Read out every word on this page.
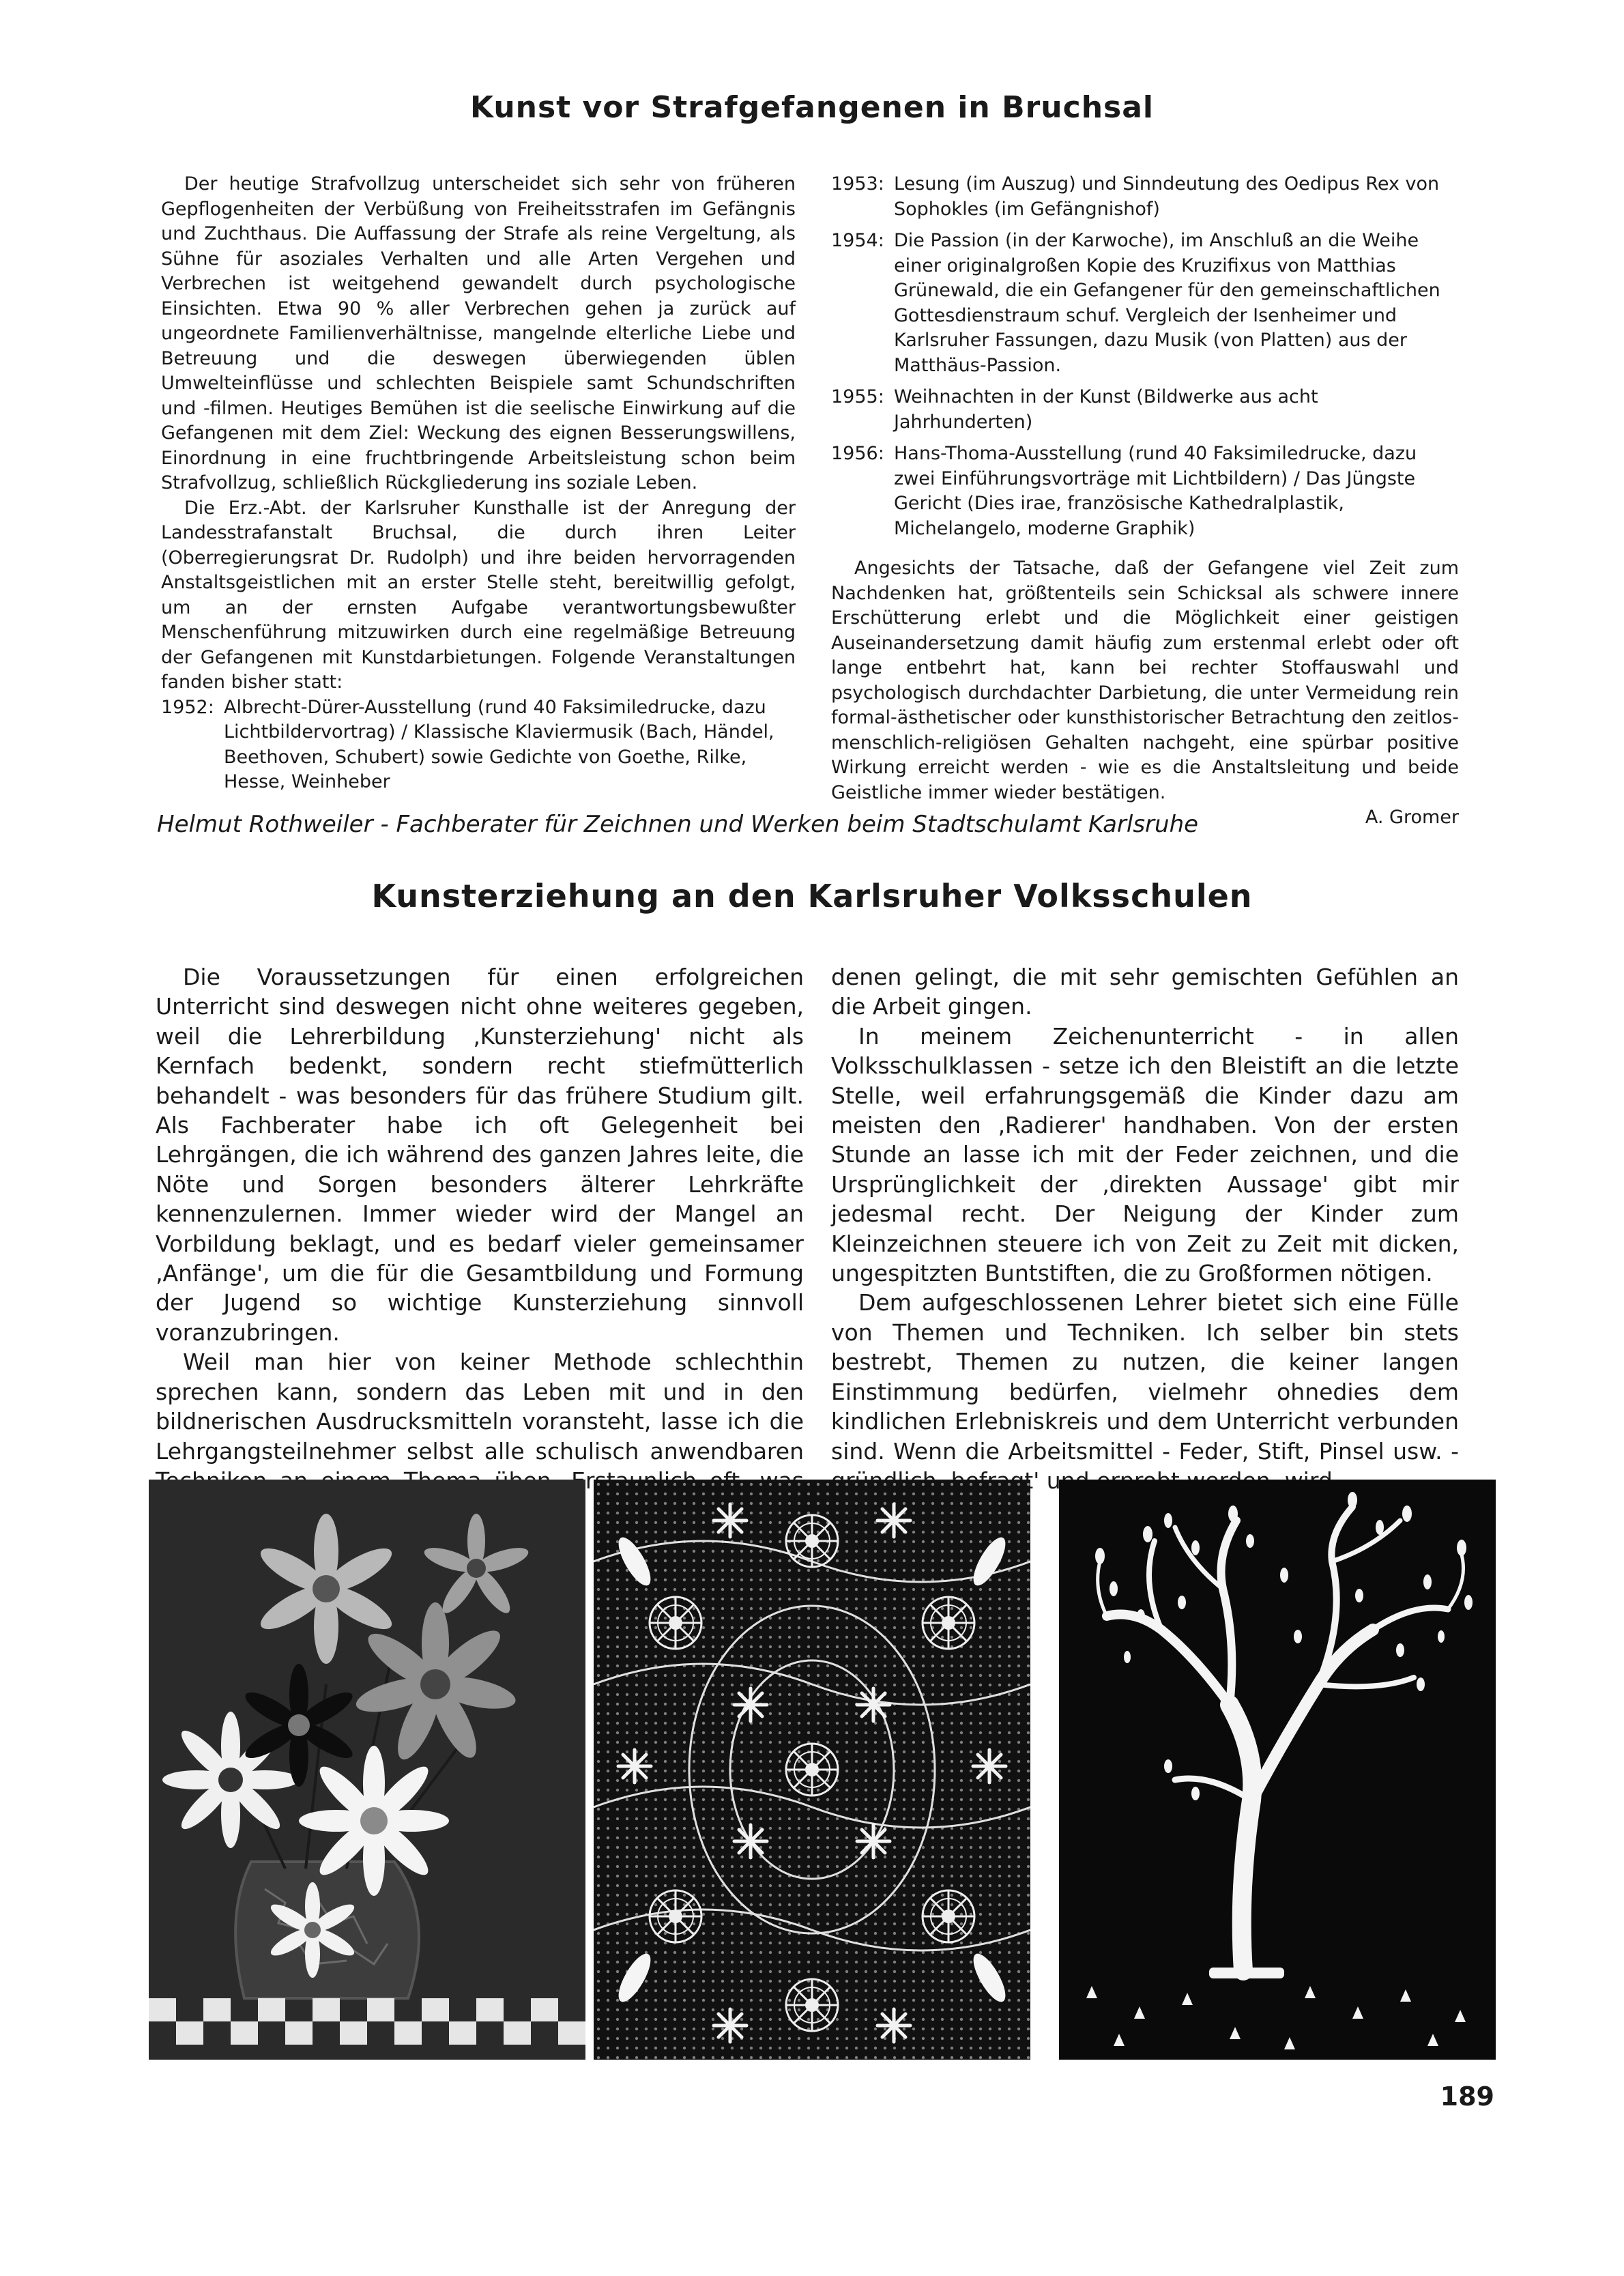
Kunst vor Strafgefangenen in Bruchsal

Der heutige Strafvollzug unterscheidet sich sehr von früheren Gepflogenheiten der Verbüßung von Freiheitsstrafen im Gefängnis und Zuchthaus. Die Auffassung der Strafe als reine Vergeltung, als Sühne für asoziales Verhalten und alle Arten Vergehen und Verbrechen ist weitgehend gewandelt durch psychologische Einsichten. Etwa 90 % aller Verbrechen gehen ja zurück auf ungeordnete Familienverhältnisse, mangelnde elterliche Liebe und Betreuung und die deswegen überwiegenden üblen Umwelteinflüsse und schlechten Beispiele samt Schundschriften und -filmen. Heutiges Bemühen ist die seelische Einwirkung auf die Gefangenen mit dem Ziel: Weckung des eignen Besserungswillens, Einordnung in eine fruchtbringende Arbeitsleistung schon beim Strafvollzug, schließlich Rückgliederung ins soziale Leben.

Die Erz.-Abt. der Karlsruher Kunsthalle ist der Anregung der Landesstrafanstalt Bruchsal, die durch ihren Leiter (Oberregierungsrat Dr. Rudolph) und ihre beiden hervorragenden Anstaltsgeistlichen mit an erster Stelle steht, bereitwillig gefolgt, um an der ernsten Aufgabe verantwortungsbewußter Menschenführung mitzuwirken durch eine regelmäßige Betreuung der Gefangenen mit Kunstdarbietungen. Folgende Veranstaltungen fanden bisher statt:

1952: Albrecht-Dürer-Ausstellung (rund 40 Faksimiledrucke, dazu Lichtbildervortrag) / Klassische Klaviermusik (Bach, Händel, Beethoven, Schubert) sowie Gedichte von Goethe, Rilke, Hesse, Weinheber
1953: Lesung (im Auszug) und Sinndeutung des Oedipus Rex von Sophokles (im Gefängnishof)
1954: Die Passion (in der Karwoche), im Anschluß an die Weihe einer originalgroßen Kopie des Kruzifixus von Matthias Grünewald, die ein Gefangener für den gemeinschaftlichen Gottesdienstraum schuf. Vergleich der Isenheimer und Karlsruher Fassungen, dazu Musik (von Platten) aus der Matthäus-Passion.
1955: Weihnachten in der Kunst (Bildwerke aus acht Jahrhunderten)
1956: Hans-Thoma-Ausstellung (rund 40 Faksimiledrucke, dazu zwei Einführungsvorträge mit Lichtbildern) / Das Jüngste Gericht (Dies irae, französische Kathedralplastik, Michelangelo, moderne Graphik)

Angesichts der Tatsache, daß der Gefangene viel Zeit zum Nachdenken hat, größtenteils sein Schicksal als schwere innere Erschütterung erlebt und die Möglichkeit einer geistigen Auseinandersetzung damit häufig zum erstenmal erlebt oder oft lange entbehrt hat, kann bei rechter Stoffauswahl und psychologisch durchdachter Darbietung, die unter Vermeidung rein formal-ästhetischer oder kunsthistorischer Betrachtung den zeitlos-menschlich-religiösen Gehalten nachgeht, eine spürbar positive Wirkung erreicht werden - wie es die Anstaltsleitung und beide Geistliche immer wieder bestätigen.

A. Gromer
Helmut Rothweiler - Fachberater für Zeichnen und Werken beim Stadtschulamt Karlsruhe
Kunsterziehung an den Karlsruher Volksschulen

Die Voraussetzungen für einen erfolgreichen Unterricht sind deswegen nicht ohne weiteres gegeben, weil die Lehrerbildung ‚Kunsterziehung' nicht als Kernfach bedenkt, sondern recht stiefmütterlich behandelt - was besonders für das frühere Studium gilt. Als Fachberater habe ich oft Gelegenheit bei Lehrgängen, die ich während des ganzen Jahres leite, die Nöte und Sorgen besonders älterer Lehrkräfte kennenzulernen. Immer wieder wird der Mangel an Vorbildung beklagt, und es bedarf vieler gemeinsamer ‚Anfänge', um die für die Gesamtbildung und Formung der Jugend so wichtige Kunsterziehung sinnvoll voranzubringen.

Weil man hier von keiner Methode schlechthin sprechen kann, sondern das Leben mit und in den bildnerischen Ausdrucksmitteln voransteht, lasse ich die Lehrgangsteilnehmer selbst alle schulisch anwendbaren

denen gelingt, die mit sehr gemischten Gefühlen an die Arbeit gingen.

In meinem Zeichenunterricht - in allen Volksschulklassen - setze ich den Bleistift an die letzte Stelle, weil erfahrungsgemäß die Kinder dazu am meisten den ‚Radierer' handhaben. Von der ersten Stunde an lasse ich mit der Feder zeichnen, und die Ursprünglichkeit der ‚direkten Aussage' gibt mir jedesmal recht. Der Neigung der Kinder zum Kleinzeichnen steuere ich von Zeit zu Zeit mit dicken, ungespitzten Buntstiften, die zu Großformen nötigen.

Dem aufgeschlossenen Lehrer bietet sich eine Fülle von Themen und Techniken. Ich selber bin stets bestrebt, Themen zu nutzen, die keiner langen Einstimmung bedürfen, vielmehr ohnedies dem kindlichen Erlebniskreis und dem Unterricht verbunden sind. Wenn die Arbeitsmittel - Feder, Stift, Pinsel usw. -

189
